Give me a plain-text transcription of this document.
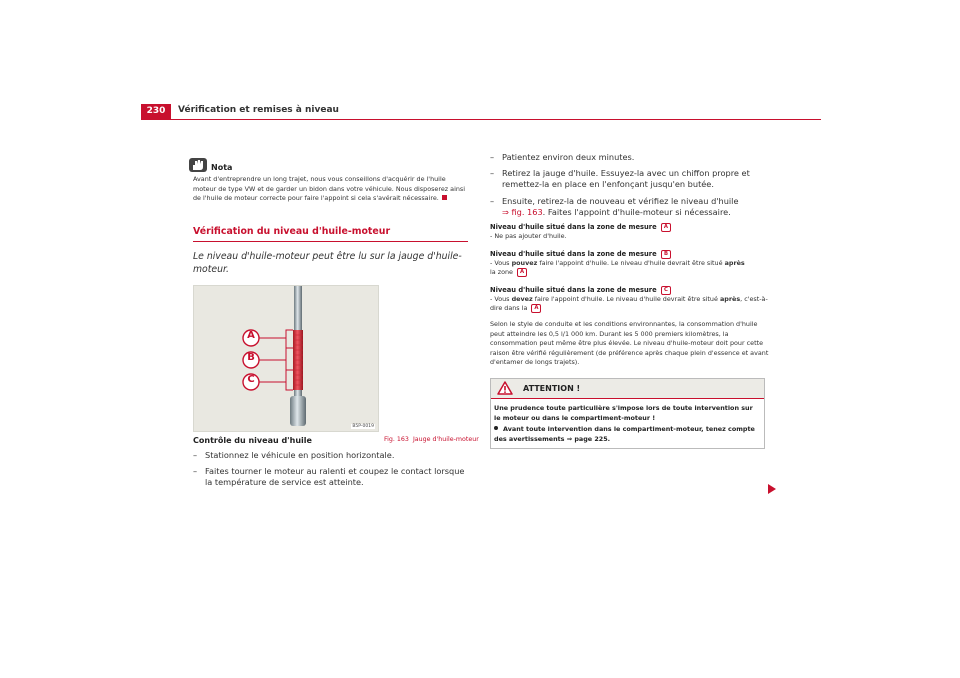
230	Vérification et remises à niveau
Nota
Avant d'entreprendre un long trajet, nous vous conseillons d'acquérir de l'huile moteur de type VW et de garder un bidon dans votre véhicule. Nous disposerez ainsi de l'huile de moteur correcte pour faire l'appoint si cela s'avérait nécessaire.
Vérification du niveau d'huile-moteur
Le niveau d'huile-moteur peut être lu sur la jauge d'huile-moteur.
A
B
C
B5P-0019
Contrôle du niveau d'huile
– Stationnez le véhicule en position horizontale.
– Faites tourner le moteur au ralenti et coupez le contact lorsque la température de service est atteinte.
Fig. 163 Jauge d'huile-moteur
– Patientez environ deux minutes.
– Retirez la jauge d'huile. Essuyez-la avec un chiffon propre et remettez-la en place en l'enfonçant jusqu'en butée.
– Ensuite, retirez-la de nouveau et vérifiez le niveau d'huile
⇒ fig. 163. Faites l'appoint d'huile-moteur si nécessaire.
Niveau d'huile situé dans la zone de mesure A
- Ne pas ajouter d'huile.
Niveau d'huile situé dans la zone de mesure B
- Vous pouvez faire l'appoint d'huile. Le niveau d'huile devrait être situé après
la zone A
Niveau d'huile situé dans la zone de mesure C
- Vous devez faire l'appoint d'huile. Le niveau d'huile devrait être situé après, c'est-à-dire dans la A
Selon le style de conduite et les conditions environnantes, la consommation d'huile peut atteindre les 0,5 l/1 000 km. Durant les 5 000 premiers kilomètres, la consommation peut même être plus élevée. Le niveau d'huile-moteur doit pour cette raison être vérifié régulièrement (de préférence après chaque plein d'essence et avant d'entamer de longs trajets).
ATTENTION !
Une prudence toute particulière s'impose lors de toute intervention sur le moteur ou dans le compartiment-moteur !
Avant toute intervention dans le compartiment-moteur, tenez compte des avertissements ⇒ page 225.
